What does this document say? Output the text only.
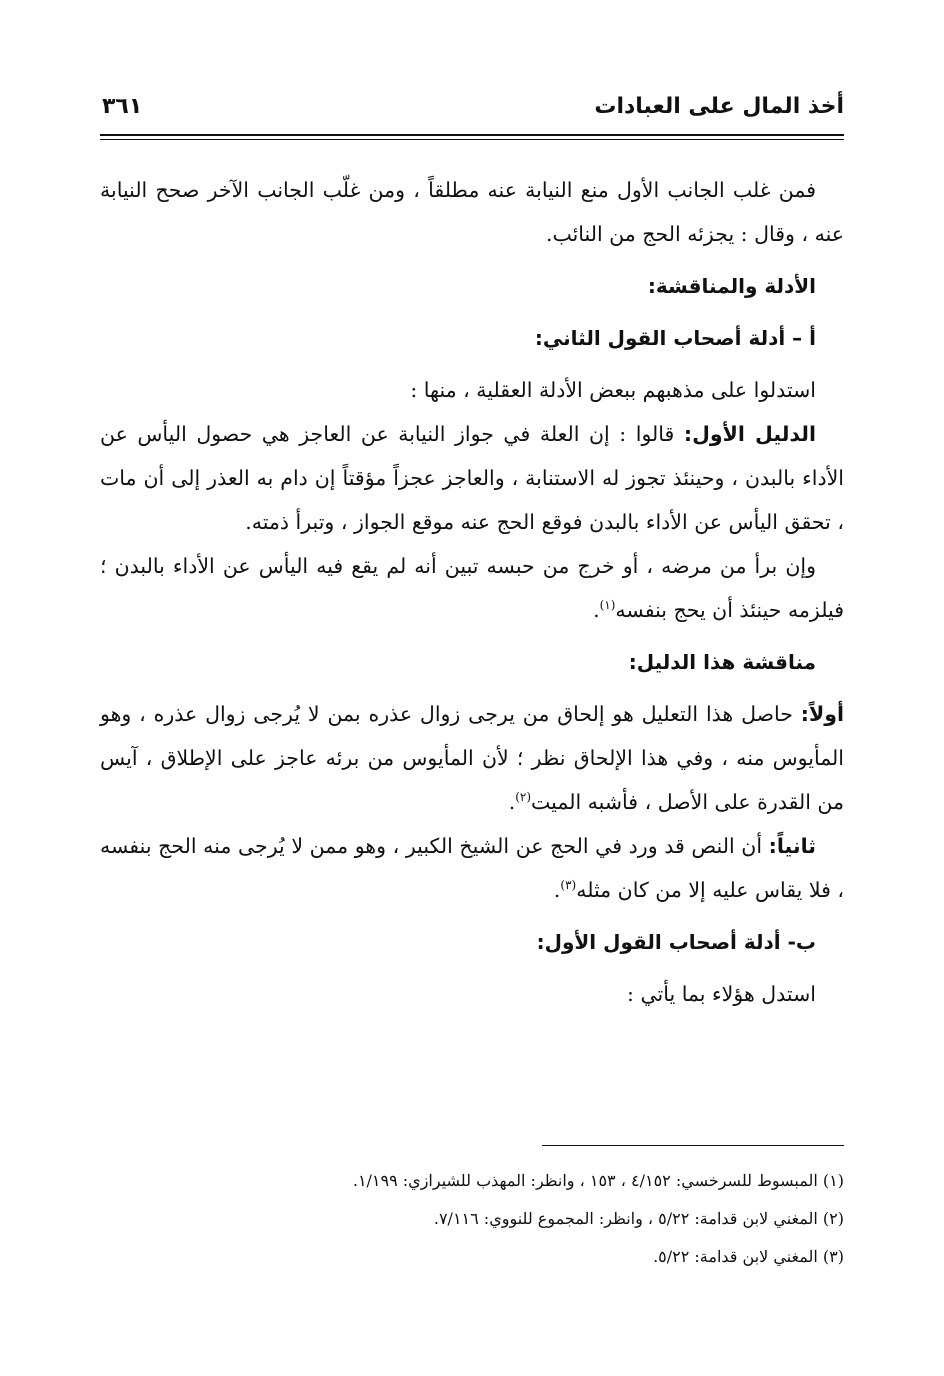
أخذ المال على العبادات
٣٦١

فمن غلب الجانب الأول منع النيابة عنه مطلقاً ، ومن غلّب الجانب الآخر صحح النيابة عنه ، وقال : يجزئه الحج من النائب.

الأدلة والمناقشة:
أ – أدلة أصحاب القول الثاني:

استدلوا على مذهبهم ببعض الأدلة العقلية ، منها :

الدليل الأول: قالوا : إن العلة في جواز النيابة عن العاجز هي حصول اليأس عن الأداء بالبدن ، وحينئذ تجوز له الاستنابة ، والعاجز عجزاً مؤقتاً إن دام به العذر إلى أن مات ، تحقق اليأس عن الأداء بالبدن فوقع الحج عنه موقع الجواز ، وتبرأ ذمته.

وإن برأ من مرضه ، أو خرج من حبسه تبين أنه لم يقع فيه اليأس عن الأداء بالبدن ؛ فيلزمه حينئذ أن يحج بنفسه$^{(١)}$.

مناقشة هذا الدليل:

أولاً: حاصل هذا التعليل هو إلحاق من يرجى زوال عذره بمن لا يُرجى زوال عذره ، وهو المأيوس منه ، وفي هذا الإلحاق نظر ؛ لأن المأيوس من برئه عاجز على الإطلاق ، آيس من القدرة على الأصل ، فأشبه الميت$^{(٢)}$.

ثانياً: أن النص قد ورد في الحج عن الشيخ الكبير ، وهو ممن لا يُرجى منه الحج بنفسه ، فلا يقاس عليه إلا من كان مثله$^{(٣)}$.

ب- أدلة أصحاب القول الأول:

استدل هؤلاء بما يأتي :

(١) المبسوط للسرخسي: ٤/١٥٢ ، ١٥٣ ، وانظر: المهذب للشيرازي: ١/١٩٩.

(٢) المغني لابن قدامة: ٥/٢٢ ، وانظر: المجموع للنووي: ٧/١١٦.

(٣) المغني لابن قدامة: ٥/٢٢.
